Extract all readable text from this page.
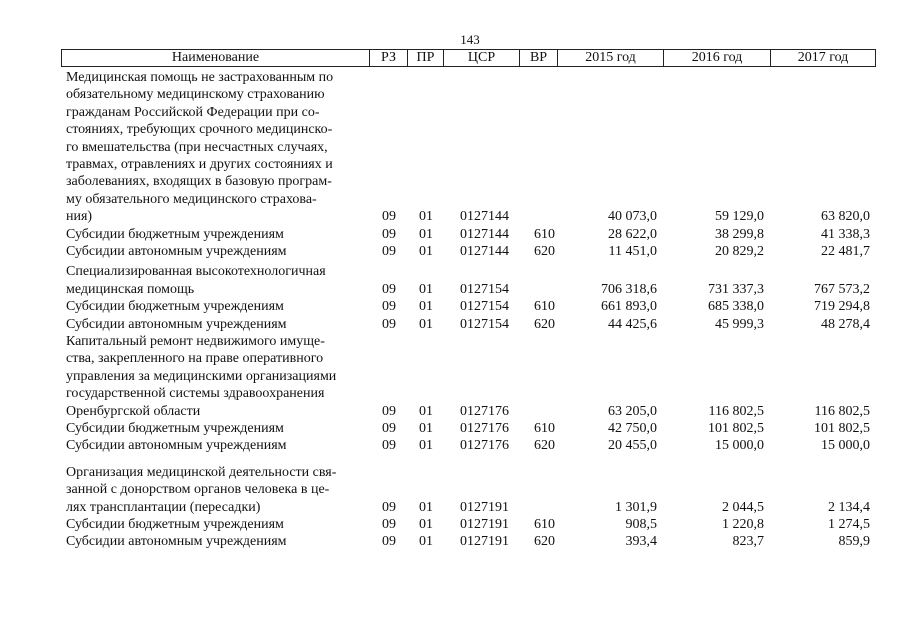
143
Наименование	РЗ	ПР	ЦСР	ВР	2015 год	2016 год	2017 год
Медицинская помощь не застрахованным по
обязательному медицинскому страхованию
гражданам Российской Федерации при со-
стояниях, требующих срочного медицинско-
го вмешательства (при несчастных случаях,
травмах, отравлениях и других состояниях и
заболеваниях, входящих в базовую програм-
му обязательного медицинского страхова-
ния)	09 01 0127144	40 073,0	59 129,0	63 820,0
Субсидии бюджетным учреждениям	09 01 0127144 610	28 622,0	38 299,8	41 338,3
Субсидии автономным учреждениям	09 01 0127144 620	11 451,0	20 829,2	22 481,7
Специализированная высокотехнологичная
медицинская помощь	09 01 0127154	706 318,6	731 337,3	767 573,2
Субсидии бюджетным учреждениям	09 01 0127154 610	661 893,0	685 338,0	719 294,8
Субсидии автономным учреждениям	09 01 0127154 620	44 425,6	45 999,3	48 278,4
Капитальный ремонт недвижимого имуще-
ства, закрепленного на праве оперативного
управления за медицинскими организациями
государственной системы здравоохранения
Оренбургской области	09 01 0127176	63 205,0	116 802,5	116 802,5
Субсидии бюджетным учреждениям	09 01 0127176 610	42 750,0	101 802,5	101 802,5
Субсидии автономным учреждениям	09 01 0127176 620	20 455,0	15 000,0	15 000,0
Организация медицинской деятельности свя-
занной с донорством органов человека в це-
лях трансплантации (пересадки)	09 01 0127191	1 301,9	2 044,5	2 134,4
Субсидии бюджетным учреждениям	09 01 0127191 610	908,5	1 220,8	1 274,5
Субсидии автономным учреждениям	09 01 0127191 620	393,4	823,7	859,9
